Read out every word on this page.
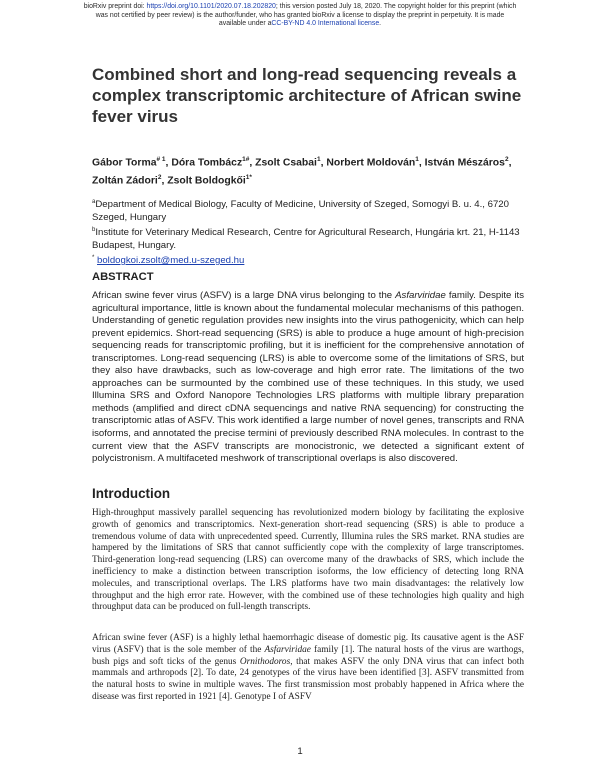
bioRxiv preprint doi: https://doi.org/10.1101/2020.07.18.202820; this version posted July 18, 2020. The copyright holder for this preprint (which
was not certified by peer review) is the author/funder, who has granted bioRxiv a license to display the preprint in perpetuity. It is made
available under aCC-BY-ND 4.0 International license.
Combined short and long-read sequencing reveals a complex transcriptomic architecture of African swine fever virus
Gábor Torma$^{\# 1}$, Dóra Tombácz$^{1\#}$, Zsolt Csabai$^1$, Norbert Moldován$^1$, István Mészáros$^2$, Zoltán Zádori$^2$, Zsolt Boldogkői$^{1*}$

$^a$Department of Medical Biology, Faculty of Medicine, University of Szeged, Somogyi B. u. 4., 6720 Szeged, Hungary

$^b$Institute for Veterinary Medical Research, Centre for Agricultural Research, Hungária krt. 21, H-1143 Budapest, Hungary.

* boldogkoi.zsolt@med.u-szeged.hu

ABSTRACT

African swine fever virus (ASFV) is a large DNA virus belonging to the Asfarviridae family. Despite its agricultural importance, little is known about the fundamental molecular mechanisms of this pathogen. Understanding of genetic regulation provides new insights into the virus pathogenicity, which can help prevent epidemics. Short-read sequencing (SRS) is able to produce a huge amount of high-precision sequencing reads for transcriptomic profiling, but it is inefficient for the comprehensive annotation of transcriptomes. Long-read sequencing (LRS) is able to overcome some of the limitations of SRS, but they also have drawbacks, such as low-coverage and high error rate. The limitations of the two approaches can be surmounted by the combined use of these techniques. In this study, we used Illumina SRS and Oxford Nanopore Technologies LRS platforms with multiple library preparation methods (amplified and direct cDNA sequencings and native RNA sequencing) for constructing the transcriptomic atlas of ASFV. This work identified a large number of novel genes, transcripts and RNA isoforms, and annotated the precise termini of previously described RNA molecules. In contrast to the current view that the ASFV transcripts are monocistronic, we detected a significant extent of polycistronism. A multifaceted meshwork of transcriptional overlaps is also discovered.

Introduction

High-throughput massively parallel sequencing has revolutionized modern biology by facilitating the explosive growth of genomics and transcriptomics. Next-generation short-read sequencing (SRS) is able to produce a tremendous volume of data with unprecedented speed. Currently, Illumina rules the SRS market. RNA studies are hampered by the limitations of SRS that cannot sufficiently cope with the complexity of large transcriptomes. Third-generation long-read sequencing (LRS) can overcome many of the drawbacks of SRS, which include the inefficiency to make a distinction between transcription isoforms, the low efficiency of detecting long RNA molecules, and transcriptional overlaps. The LRS platforms have two main disadvantages: the relatively low throughput and the high error rate. However, with the combined use of these technologies high quality and high throughput data can be produced on full-length transcripts.

African swine fever (ASF) is a highly lethal haemorrhagic disease of domestic pig. Its causative agent is the ASF virus (ASFV) that is the sole member of the Asfarviridae family [1]. The natural hosts of the virus are warthogs, bush pigs and soft ticks of the genus Ornithodoros, that makes ASFV the only DNA virus that can infect both mammals and arthropods [2]. To date, 24 genotypes of the virus have been identified [3]. ASFV transmitted from the natural hosts to swine in multiple waves. The first transmission most probably happened in Africa where the disease was first reported in 1921 [4]. Genotype I of ASFV

1
